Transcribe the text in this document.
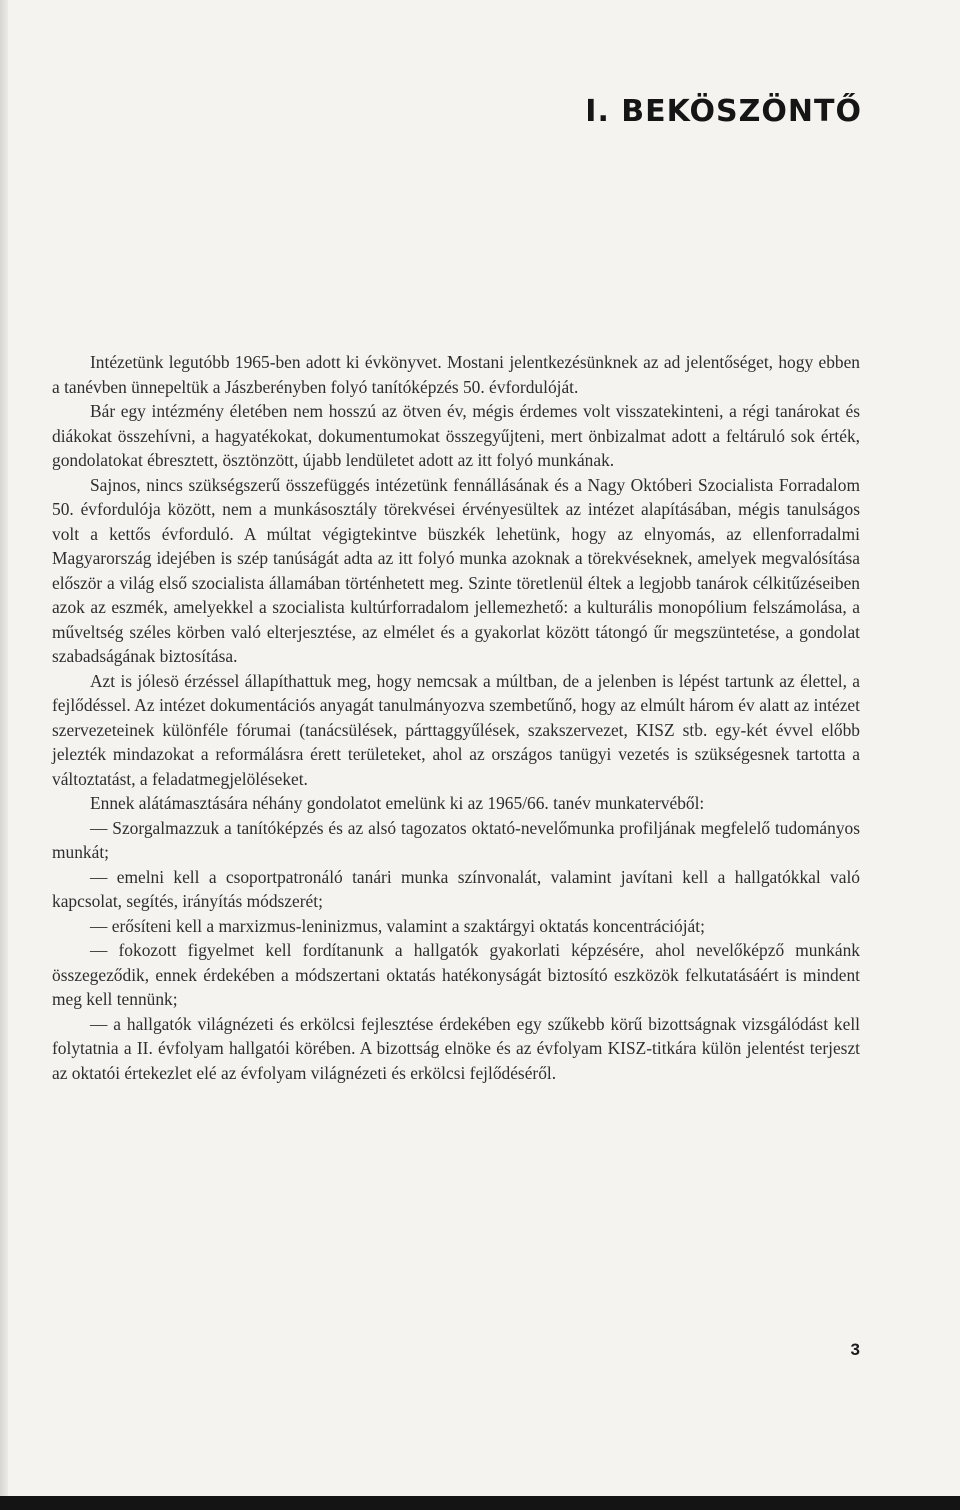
I. BEKÖSZÖNTŐ

Intézetünk legutóbb 1965-ben adott ki évkönyvet. Mostani jelentkezésünknek az ad jelentőséget, hogy ebben a tanévben ünnepeltük a Jászberényben folyó tanítóképzés 50. évfordulóját.

Bár egy intézmény életében nem hosszú az ötven év, mégis érdemes volt visszatekinteni, a régi tanárokat és diákokat összehívni, a hagyatékokat, dokumentumokat összegyűjteni, mert önbizalmat adott a feltáruló sok érték, gondolatokat ébresztett, ösztönzött, újabb lendületet adott az itt folyó munkának.

Sajnos, nincs szükségszerű összefüggés intézetünk fennállásának és a Nagy Októberi Szocialista Forradalom 50. évfordulója között, nem a munkásosztály törekvései érvényesültek az intézet alapításában, mégis tanulságos volt a kettős évforduló. A múltat végigtekintve büszkék lehetünk, hogy az elnyomás, az ellenforradalmi Magyarország idejében is szép tanúságát adta az itt folyó munka azoknak a törekvéseknek, amelyek megvalósítása először a világ első szocialista államában történhetett meg. Szinte töretlenül éltek a legjobb tanárok célkitűzéseiben azok az eszmék, amelyekkel a szocialista kultúrforradalom jellemezhető: a kulturális monopólium felszámolása, a műveltség széles körben való elterjesztése, az elmélet és a gyakorlat között tátongó űr megszüntetése, a gondolat szabadságának biztosítása.

Azt is jólesö érzéssel állapíthattuk meg, hogy nemcsak a múltban, de a jelenben is lépést tartunk az élettel, a fejlődéssel. Az intézet dokumentációs anyagát tanulmányozva szembetűnő, hogy az elmúlt három év alatt az intézet szervezeteinek különféle fórumai (tanácsülések, párttaggyűlések, szakszervezet, KISZ stb. egy-két évvel előbb jelezték mindazokat a reformálásra érett területeket, ahol az országos tanügyi vezetés is szükségesnek tartotta a változtatást, a feladatmegjelöléseket.

Ennek alátámasztására néhány gondolatot emelünk ki az 1965/66. tanév munkatervéből:

— Szorgalmazzuk a tanítóképzés és az alsó tagozatos oktató-nevelőmunka profiljának megfelelő tudományos munkát;

— emelni kell a csoportpatronáló tanári munka színvonalát, valamint javítani kell a hallgatókkal való kapcsolat, segítés, irányítás módszerét;

— erősíteni kell a marxizmus-leninizmus, valamint a szaktárgyi oktatás koncentrációját;

— fokozott figyelmet kell fordítanunk a hallgatók gyakorlati képzésére, ahol nevelőképző munkánk összegeződik, ennek érdekében a módszertani oktatás hatékonyságát biztosító eszközök felkutatásáért is mindent meg kell tennünk;

— a hallgatók világnézeti és erkölcsi fejlesztése érdekében egy szűkebb körű bizottságnak vizsgálódást kell folytatnia a II. évfolyam hallgatói körében. A bizottság elnöke és az évfolyam KISZ-titkára külön jelentést terjeszt az oktatói értekezlet elé az évfolyam világnézeti és erkölcsi fejlődéséről.

3
